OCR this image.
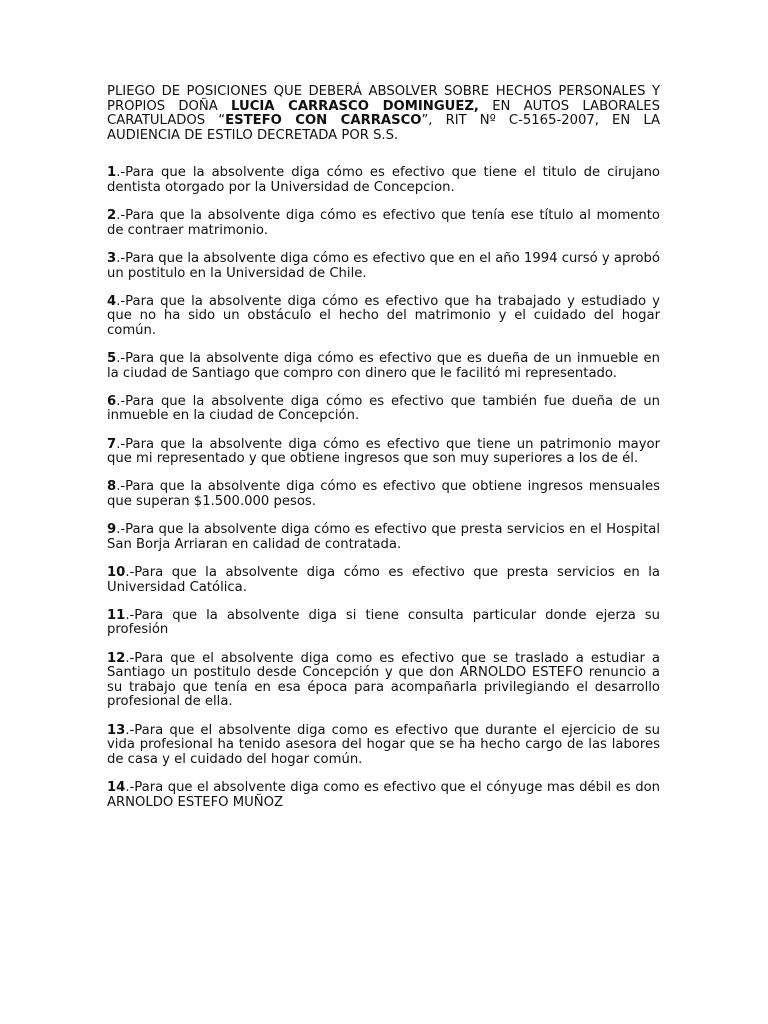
PLIEGO DE POSICIONES QUE DEBERÁ ABSOLVER SOBRE HECHOS PERSONALES Y PROPIOS DOÑA LUCIA CARRASCO DOMINGUEZ, EN AUTOS LABORALES CARATULADOS “ESTEFO CON CARRASCO”, RIT Nº C-5165-2007, EN LA AUDIENCIA DE ESTILO DECRETADA POR S.S.

1.-Para que la absolvente diga cómo es efectivo que tiene el titulo de cirujano dentista otorgado por la Universidad de Concepcion.

2.-Para que la absolvente diga cómo es efectivo que tenía ese título al momento de contraer matrimonio.

3.-Para que la absolvente diga cómo es efectivo que en el año 1994 cursó y aprobó un postitulo en la Universidad de Chile.

4.-Para que la absolvente diga cómo es efectivo que ha trabajado y estudiado y que no ha sido un obstáculo el hecho del matrimonio y el cuidado del hogar común.

5.-Para que la absolvente diga cómo es efectivo que es dueña de un inmueble en la ciudad de Santiago que compro con dinero que le facilitó mi representado.

6.-Para que la absolvente diga cómo es efectivo que también fue dueña de un inmueble en la ciudad de Concepción.

7.-Para que la absolvente diga cómo es efectivo que tiene un patrimonio mayor que mi representado y que obtiene ingresos que son muy superiores a los de él.

8.-Para que la absolvente diga cómo es efectivo que obtiene ingresos mensuales que superan $1.500.000 pesos.

9.-Para que la absolvente diga cómo es efectivo que presta servicios en el Hospital San Borja Arriaran en calidad de contratada.

10.-Para que la absolvente diga cómo es efectivo que presta servicios en la Universidad Católica.

11.-Para que la absolvente diga si tiene consulta particular donde ejerza su profesión

12.-Para que el absolvente diga como es efectivo que se traslado a estudiar a Santiago un postitulo desde Concepción y que don ARNOLDO ESTEFO renuncio a su trabajo que tenía en esa época para acompañarla privilegiando el desarrollo profesional de ella.

13.-Para que el absolvente diga como es efectivo que durante el ejercicio de su vida profesional ha tenido asesora del hogar que se ha hecho cargo de las labores de casa y el cuidado del hogar común.

14.-Para que el absolvente diga como es efectivo que el cónyuge mas débil es don ARNOLDO ESTEFO MUÑOZ
